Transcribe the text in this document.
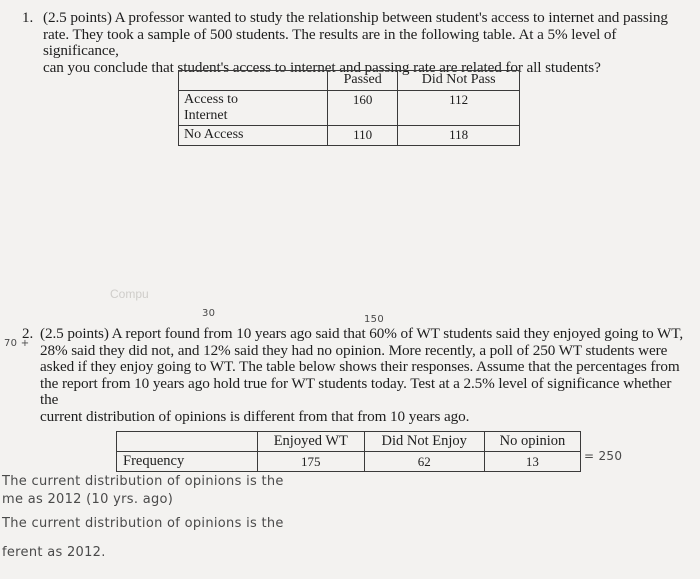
1. (2.5 points) A professor wanted to study the relationship between student's access to internet and passing
rate. They took a sample of 500 students. The results are in the following table. At a 5% level of significance,
can you conclude that student's access to internet and passing rate are related for all students?
	Passed	Did Not Pass

Access to
Internet	160	112
No Access	110	118
Compu
30
150
70 +
2. (2.5 points) A report found from 10 years ago said that 60% of WT students said they enjoyed going to WT,
28% said they did not, and 12% said they had no opinion. More recently, a poll of 250 WT students were
asked if they enjoy going to WT. The table below shows their responses. Assume that the percentages from
the report from 10 years ago hold true for WT students today. Test at a 2.5% level of significance whether the
current distribution of opinions is different from that from 10 years ago.
	Enjoyed WT	Did Not Enjoy	No opinion
Frequency	175	62	13	= 250
The current distribution of opinions is the
me as 2012 (10 yrs. ago)
The current distribution of opinions is the
ferent as 2012.
